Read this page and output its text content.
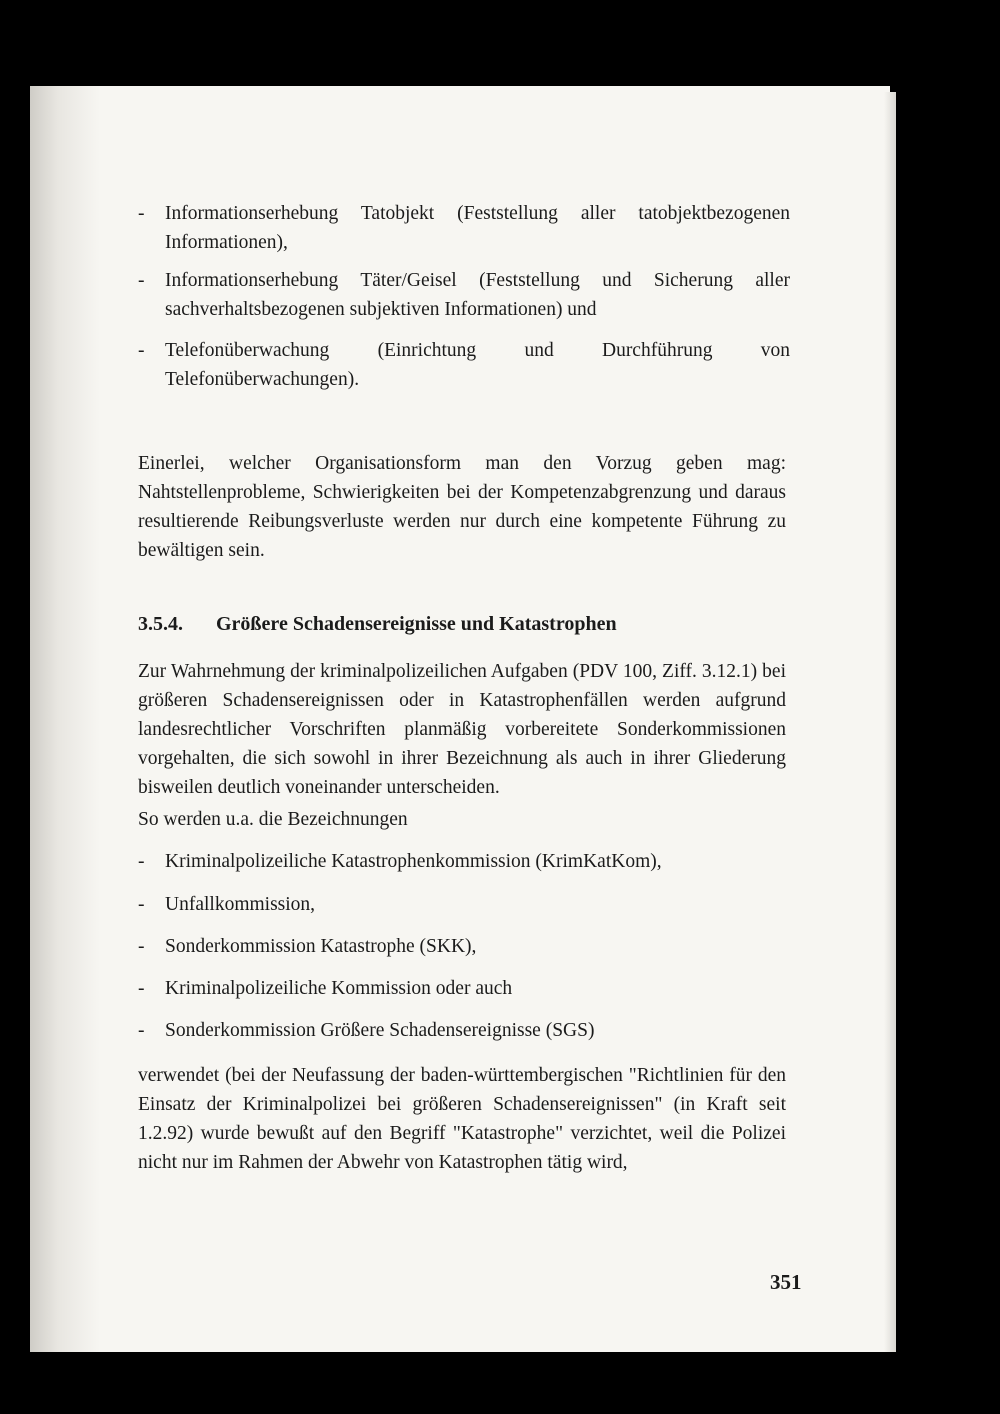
-	Informationserhebung Tatobjekt (Feststellung aller tatobjektbezogenen Informationen),
-	Informationserhebung Täter/Geisel (Feststellung und Sicherung aller sachverhaltsbezogenen subjektiven Informationen) und
-	Telefonüberwachung (Einrichtung und Durchführung von Telefonüberwachungen).
Einerlei, welcher Organisationsform man den Vorzug geben mag: Nahtstellenprobleme, Schwierigkeiten bei der Kompetenzabgrenzung und daraus resultierende Reibungsverluste werden nur durch eine kompetente Führung zu bewältigen sein.
3.5.4. Größere Schadensereignisse und Katastrophen
Zur Wahrnehmung der kriminalpolizeilichen Aufgaben (PDV 100, Ziff. 3.12.1) bei größeren Schadensereignissen oder in Katastrophenfällen werden aufgrund landesrechtlicher Vorschriften planmäßig vorbereitete Sonderkommissionen vorgehalten, die sich sowohl in ihrer Bezeichnung als auch in ihrer Gliederung bisweilen deutlich voneinander unterscheiden.
So werden u.a. die Bezeichnungen
-	Kriminalpolizeiliche Katastrophenkommission (KrimKatKom),
-	Unfallkommission,
-	Sonderkommission Katastrophe (SKK),
-	Kriminalpolizeiliche Kommission oder auch
-	Sonderkommission Größere Schadensereignisse (SGS)
verwendet (bei der Neufassung der baden-württembergischen "Richtlinien für den Einsatz der Kriminalpolizei bei größeren Schadensereignissen" (in Kraft seit 1.2.92) wurde bewußt auf den Begriff "Katastrophe" verzichtet, weil die Polizei nicht nur im Rahmen der Abwehr von Katastrophen tätig wird,
351
